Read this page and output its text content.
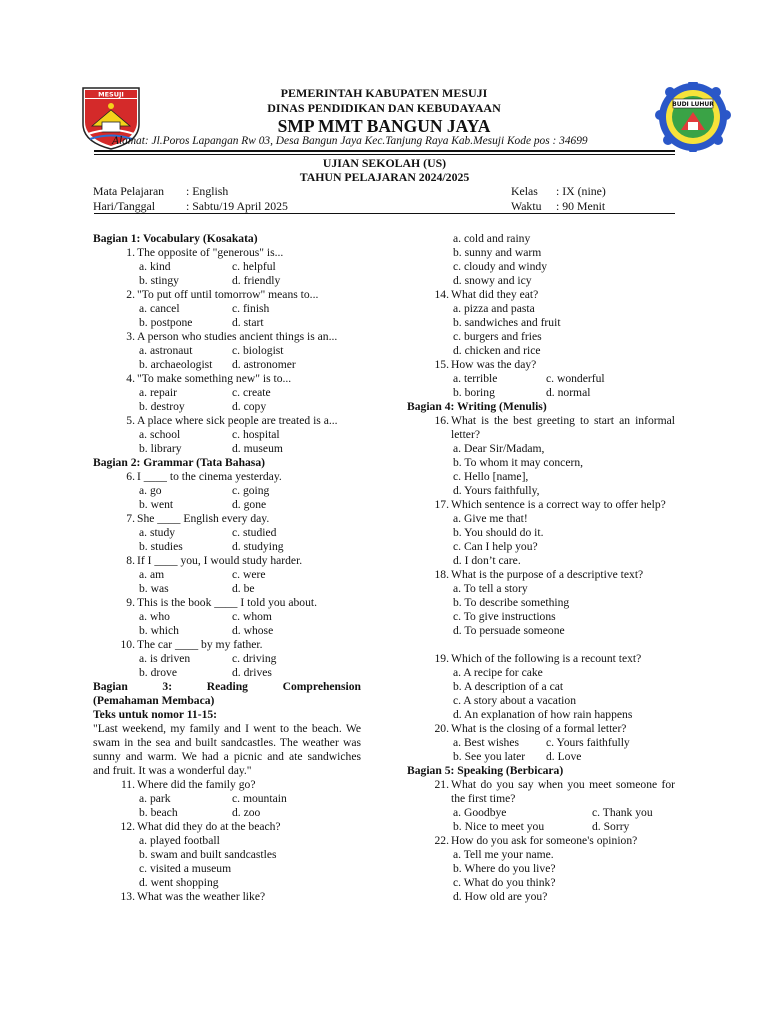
MESUJI
BUDI LUHUR
PEMERINTAH KABUPATEN MESUJI
DINAS PENDIDIKAN DAN KEBUDAYAAN
SMP MMT BANGUN JAYA
Alamat: Jl.Poros Lapangan Rw 03, Desa Bangun Jaya Kec.Tanjung Raya Kab.Mesuji Kode pos : 34699
UJIAN SEKOLAH (US)
TAHUN PELAJARAN 2024/2025
Mata Pelajaran	: English
Hari/Tanggal	: Sabtu/19 April 2025
Kelas	: IX (nine)
Waktu	: 90 Menit
Bagian 1: Vocabulary (Kosakata)
1. The opposite of "generous" is...
a. kind	c. helpful
b. stingy	d. friendly
2. "To put off until tomorrow" means to...
a. cancel	c. finish
b. postpone	d. start
3. A person who studies ancient things is an...
a. astronaut	c. biologist
b. archaeologist	d. astronomer
4. "To make something new" is to...
a. repair	c. create
b. destroy	d. copy
5. A place where sick people are treated is a...
a. school	c. hospital
b. library	d. museum
Bagian 2: Grammar (Tata Bahasa)
6. I ____ to the cinema yesterday.
a. go	c. going
b. went	d. gone
7. She ____ English every day.
a. study	c. studied
b. studies	d. studying
8. If I ____ you, I would study harder.
a. am	c. were
b. was	d. be
9. This is the book ____ I told you about.
a. who	c. whom
b. which	d. whose
10. The car ____ by my father.
a. is driven	c. driving
b. drove	d. drives
Bagian 3: Reading Comprehension
(Pemahaman Membaca)
Teks untuk nomor 11-15:
"Last weekend, my family and I went to the beach. We swam in the sea and built sandcastles. The weather was sunny and warm. We had a picnic and ate sandwiches and fruit. It was a wonderful day."
11. Where did the family go?
a. park	c. mountain
b. beach	d. zoo
12. What did they do at the beach?
a. played football
b. swam and built sandcastles
c. visited a museum
d. went shopping
13. What was the weather like?
a. cold and rainy
b. sunny and warm
c. cloudy and windy
d. snowy and icy
14. What did they eat?
a. pizza and pasta
b. sandwiches and fruit
c. burgers and fries
d. chicken and rice
15. How was the day?
a. terrible	c. wonderful
b. boring	d. normal
Bagian 4: Writing (Menulis)
16. What is the best greeting to start an informal letter?
a. Dear Sir/Madam,
b. To whom it may concern,
c. Hello [name],
d. Yours faithfully,
17. Which sentence is a correct way to offer help?
a. Give me that!
b. You should do it.
c. Can I help you?
d. I don’t care.
18. What is the purpose of a descriptive text?
a. To tell a story
b. To describe something
c. To give instructions
d. To persuade someone
19. Which of the following is a recount text?
a. A recipe for cake
b. A description of a cat
c. A story about a vacation
d. An explanation of how rain happens
20. What is the closing of a formal letter?
a. Best wishes	c. Yours faithfully
b. See you later	d. Love
Bagian 5: Speaking (Berbicara)
21. What do you say when you meet someone for the first time?
a. Goodbye	c. Thank you
b. Nice to meet you	d. Sorry
22. How do you ask for someone's opinion?
a. Tell me your name.
b. Where do you live?
c. What do you think?
d. How old are you?
